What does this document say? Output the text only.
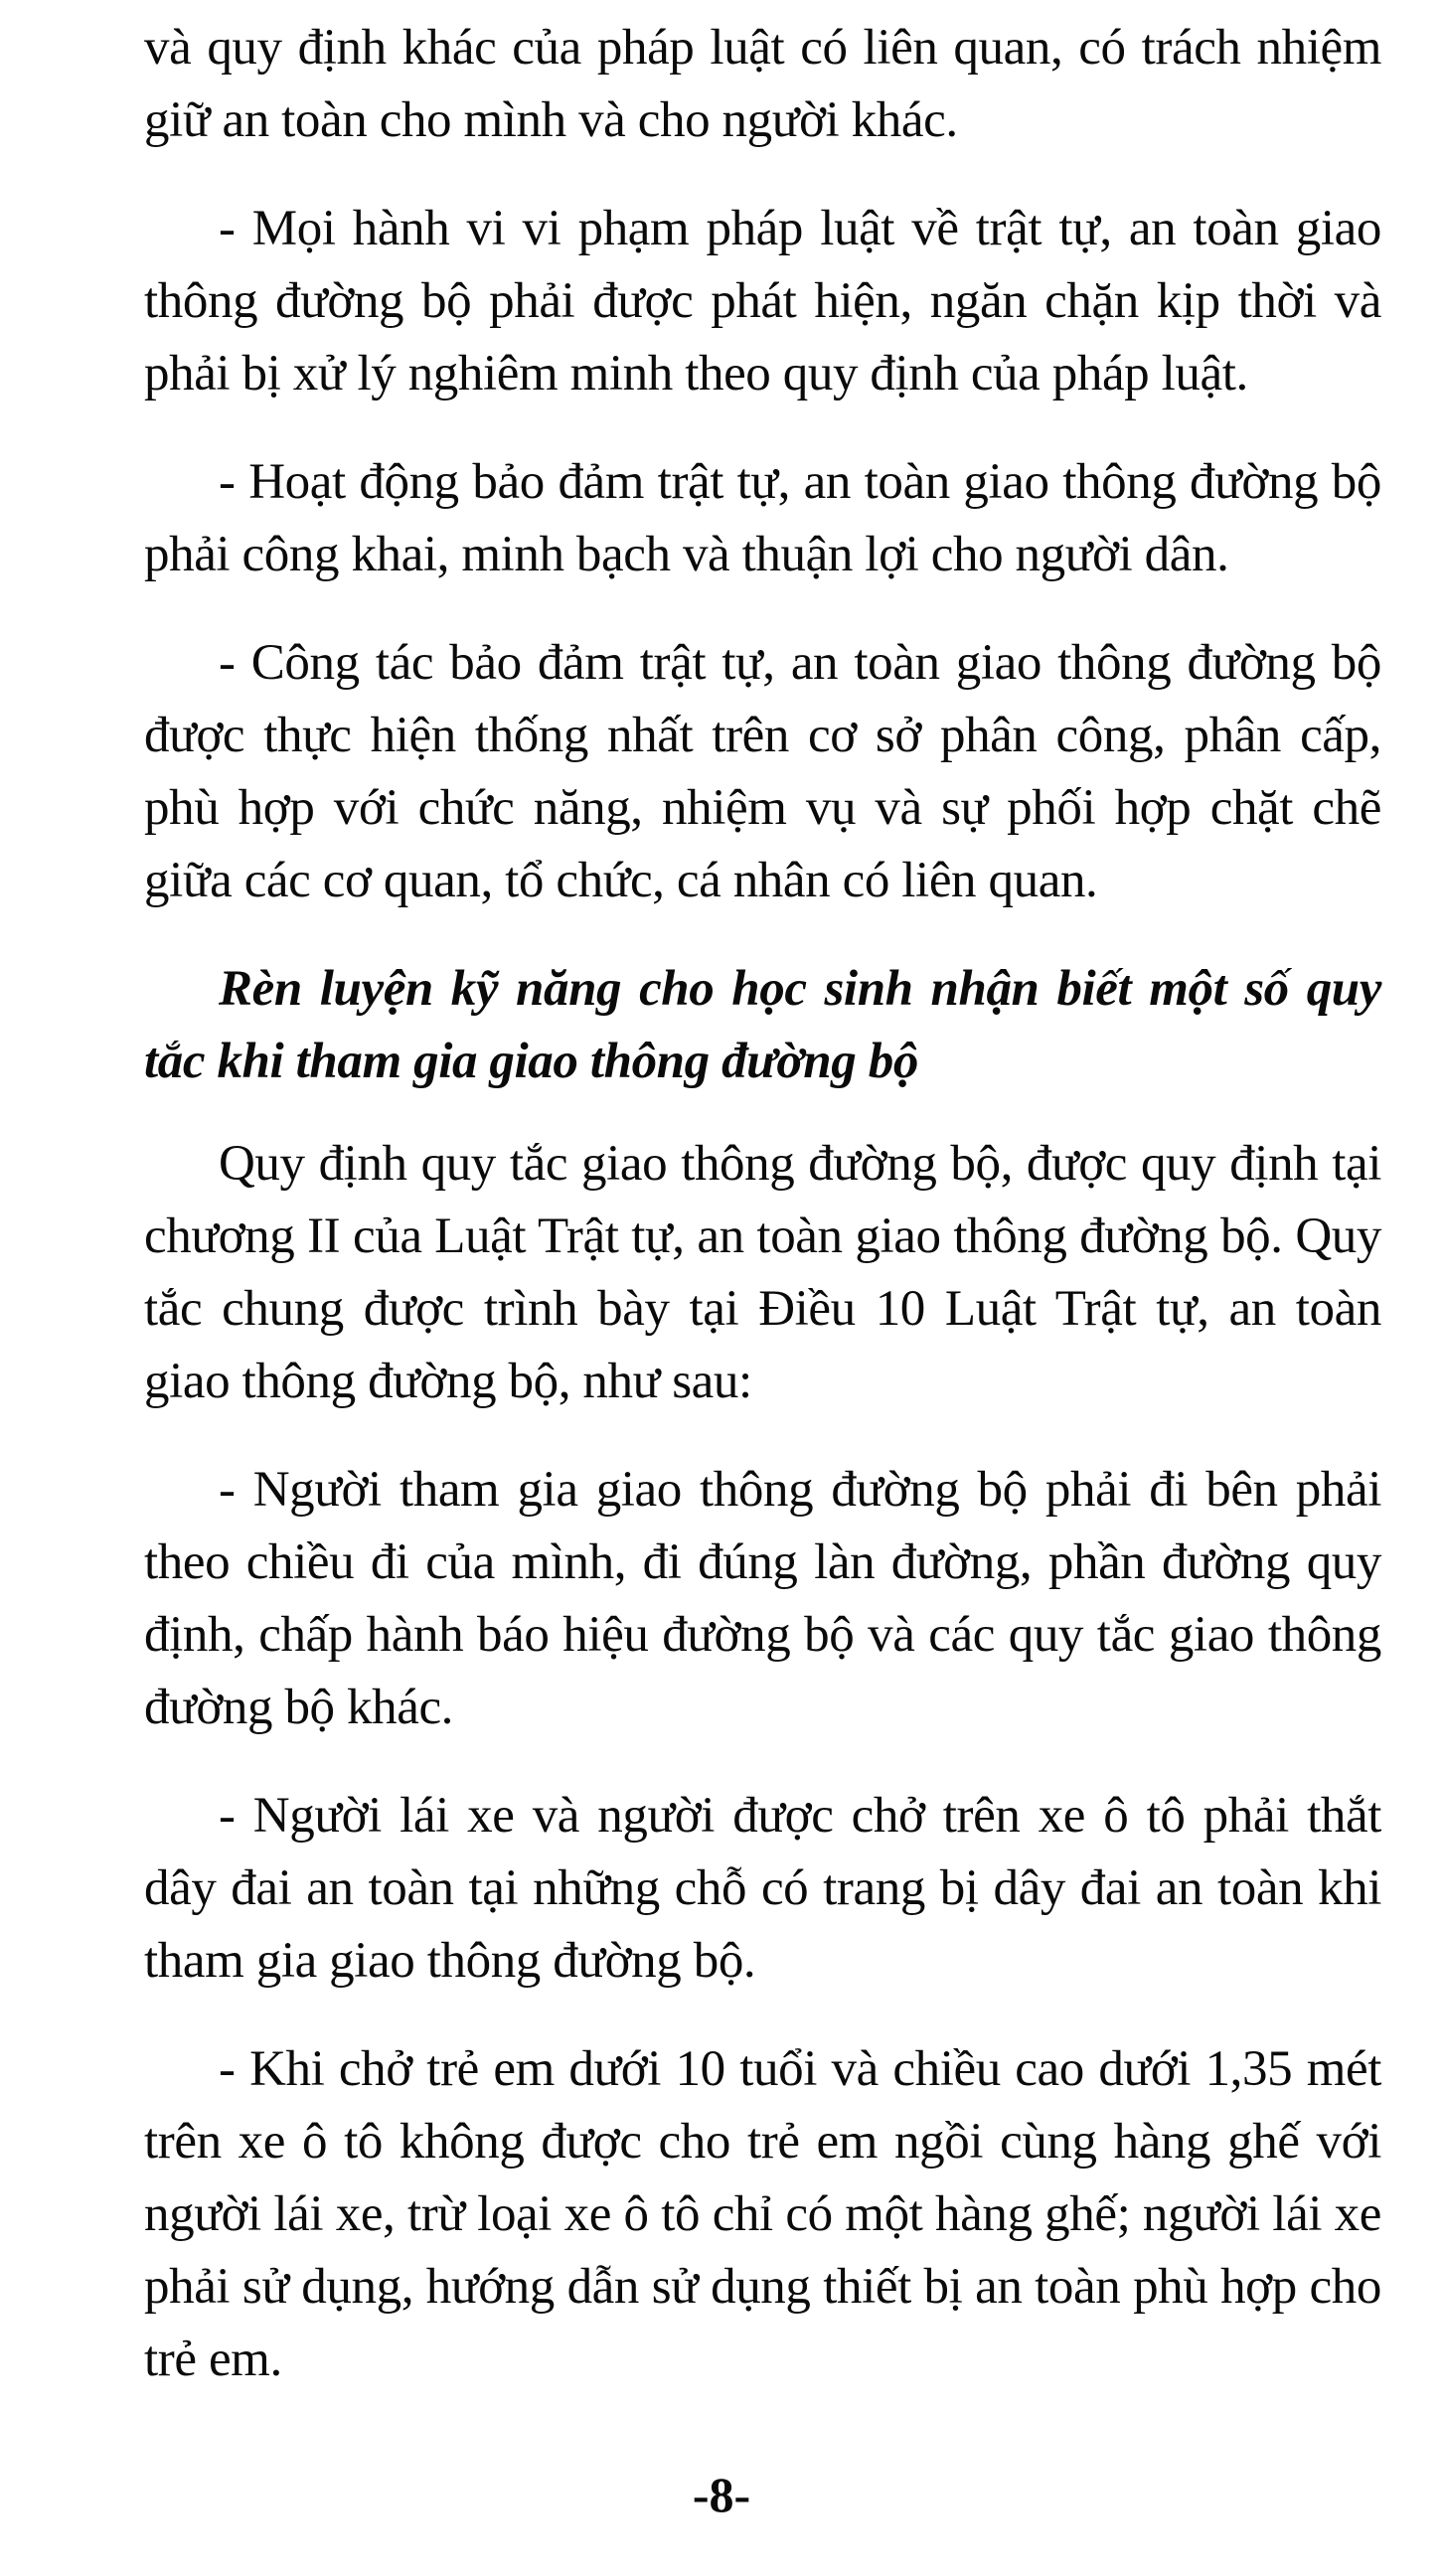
và quy định khác của pháp luật có liên quan, có trách nhiệm giữ an toàn cho mình và cho người khác.

- Mọi hành vi vi phạm pháp luật về trật tự, an toàn giao thông đường bộ phải được phát hiện, ngăn chặn kịp thời và phải bị xử lý nghiêm minh theo quy định của pháp luật.

- Hoạt động bảo đảm trật tự, an toàn giao thông đường bộ phải công khai, minh bạch và thuận lợi cho người dân.

- Công tác bảo đảm trật tự, an toàn giao thông đường bộ được thực hiện thống nhất trên cơ sở phân công, phân cấp, phù hợp với chức năng, nhiệm vụ và sự phối hợp chặt chẽ giữa các cơ quan, tổ chức, cá nhân có liên quan.

Rèn luyện kỹ năng cho học sinh nhận biết một số quy tắc khi tham gia giao thông đường bộ

Quy định quy tắc giao thông đường bộ, được quy định tại chương II của Luật Trật tự, an toàn giao thông đường bộ. Quy tắc chung được trình bày tại Điều 10 Luật Trật tự, an toàn giao thông đường bộ, như sau:

- Người tham gia giao thông đường bộ phải đi bên phải theo chiều đi của mình, đi đúng làn đường, phần đường quy định, chấp hành báo hiệu đường bộ và các quy tắc giao thông đường bộ khác.

- Người lái xe và người được chở trên xe ô tô phải thắt dây đai an toàn tại những chỗ có trang bị dây đai an toàn khi tham gia giao thông đường bộ.

- Khi chở trẻ em dưới 10 tuổi và chiều cao dưới 1,35 mét trên xe ô tô không được cho trẻ em ngồi cùng hàng ghế với người lái xe, trừ loại xe ô tô chỉ có một hàng ghế; người lái xe phải sử dụng, hướng dẫn sử dụng thiết bị an toàn phù hợp cho trẻ em.

-8-
